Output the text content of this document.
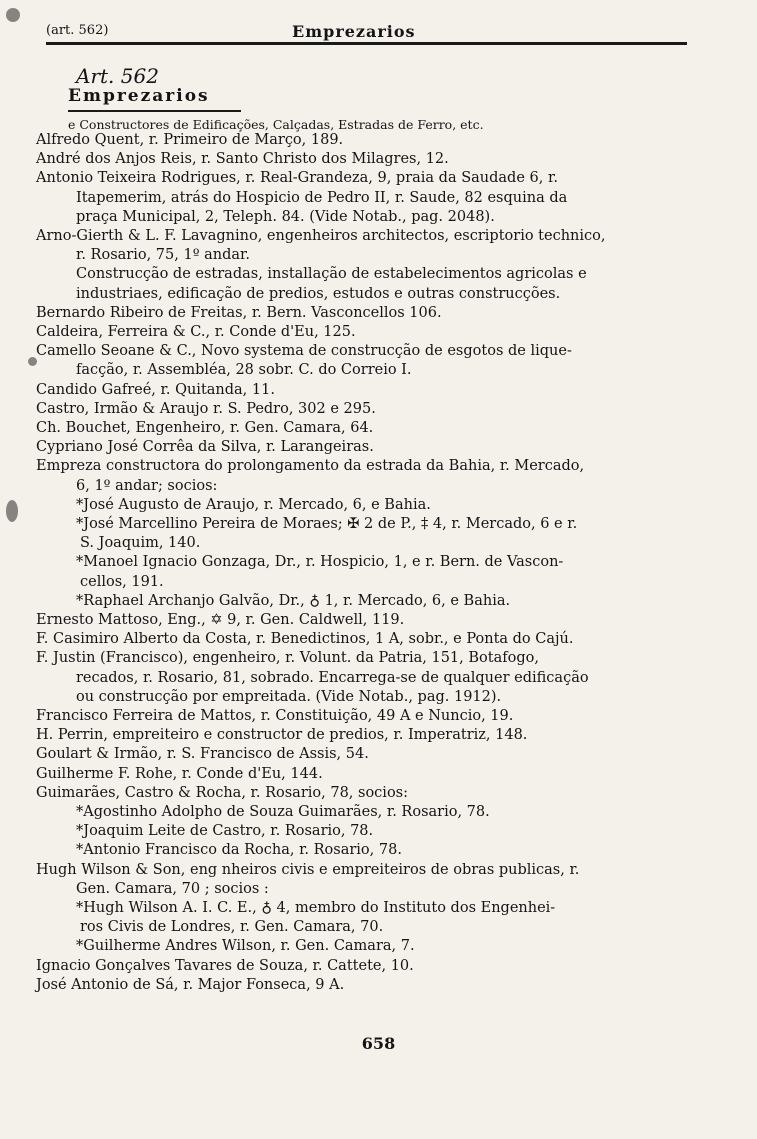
(art. 562)	Emprezarios
Art. 562
Emprezarios
e Constructores de Edificações, Calçadas, Estradas de Ferro, etc.
Alfredo Quent, r. Primeiro de Março, 189.
André dos Anjos Reis, r. Santo Christo dos Milagres, 12.
Antonio Teixeira Rodrigues, r. Real-Grandeza, 9, praia da Saudade 6, r.
Itapemerim, atrás do Hospicio de Pedro II, r. Saude, 82 esquina da
praça Municipal, 2, Teleph. 84. (Vide Notab., pag. 2048).
Arno-Gierth & L. F. Lavagnino, engenheiros architectos, escriptorio technico,
r. Rosario, 75, 1º andar.
Construcção de estradas, installação de estabelecimentos agricolas e
industriaes, edificação de predios, estudos e outras construcções.
Bernardo Ribeiro de Freitas, r. Bern. Vasconcellos 106.
Caldeira, Ferreira & C., r. Conde d'Eu, 125.
Camello Seoane & C., Novo systema de construcção de esgotos de lique-
facção, r. Assembléa, 28 sobr. C. do Correio I.
Candido Gafreé, r. Quitanda, 11.
Castro, Irmão & Araujo r. S. Pedro, 302 e 295.
Ch. Bouchet, Engenheiro, r. Gen. Camara, 64.
Cypriano José Corrêa da Silva, r. Larangeiras.
Empreza constructora do prolongamento da estrada da Bahia, r. Mercado,
6, 1º andar; socios:
*José Augusto de Araujo, r. Mercado, 6, e Bahia.
*José Marcellino Pereira de Moraes; ✠ 2 de P., ‡ 4, r. Mercado, 6 e r.
S. Joaquim, 140.
*Manoel Ignacio Gonzaga, Dr., r. Hospicio, 1, e r. Bern. de Vascon-
cellos, 191.
*Raphael Archanjo Galvão, Dr., ♁ 1, r. Mercado, 6, e Bahia.
Ernesto Mattoso, Eng., ✡ 9, r. Gen. Caldwell, 119.
F. Casimiro Alberto da Costa, r. Benedictinos, 1 A, sobr., e Ponta do Cajú.
F. Justin (Francisco), engenheiro, r. Volunt. da Patria, 151, Botafogo,
recados, r. Rosario, 81, sobrado. Encarrega-se de qualquer edificação
ou construcção por empreitada. (Vide Notab., pag. 1912).
Francisco Ferreira de Mattos, r. Constituição, 49 A e Nuncio, 19.
H. Perrin, empreiteiro e constructor de predios, r. Imperatriz, 148.
Goulart & Irmão, r. S. Francisco de Assis, 54.
Guilherme F. Rohe, r. Conde d'Eu, 144.
Guimarães, Castro & Rocha, r. Rosario, 78, socios:
*Agostinho Adolpho de Souza Guimarães, r. Rosario, 78.
*Joaquim Leite de Castro, r. Rosario, 78.
*Antonio Francisco da Rocha, r. Rosario, 78.
Hugh Wilson & Son, eng nheiros civis e empreiteiros de obras publicas, r.
Gen. Camara, 70 ; socios :
*Hugh Wilson A. I. C. E., ♁ 4, membro do Instituto dos Engenhei-
ros Civis de Londres, r. Gen. Camara, 70.
*Guilherme Andres Wilson, r. Gen. Camara, 7.
Ignacio Gonçalves Tavares de Souza, r. Cattete, 10.
José Antonio de Sá, r. Major Fonseca, 9 A.
658
